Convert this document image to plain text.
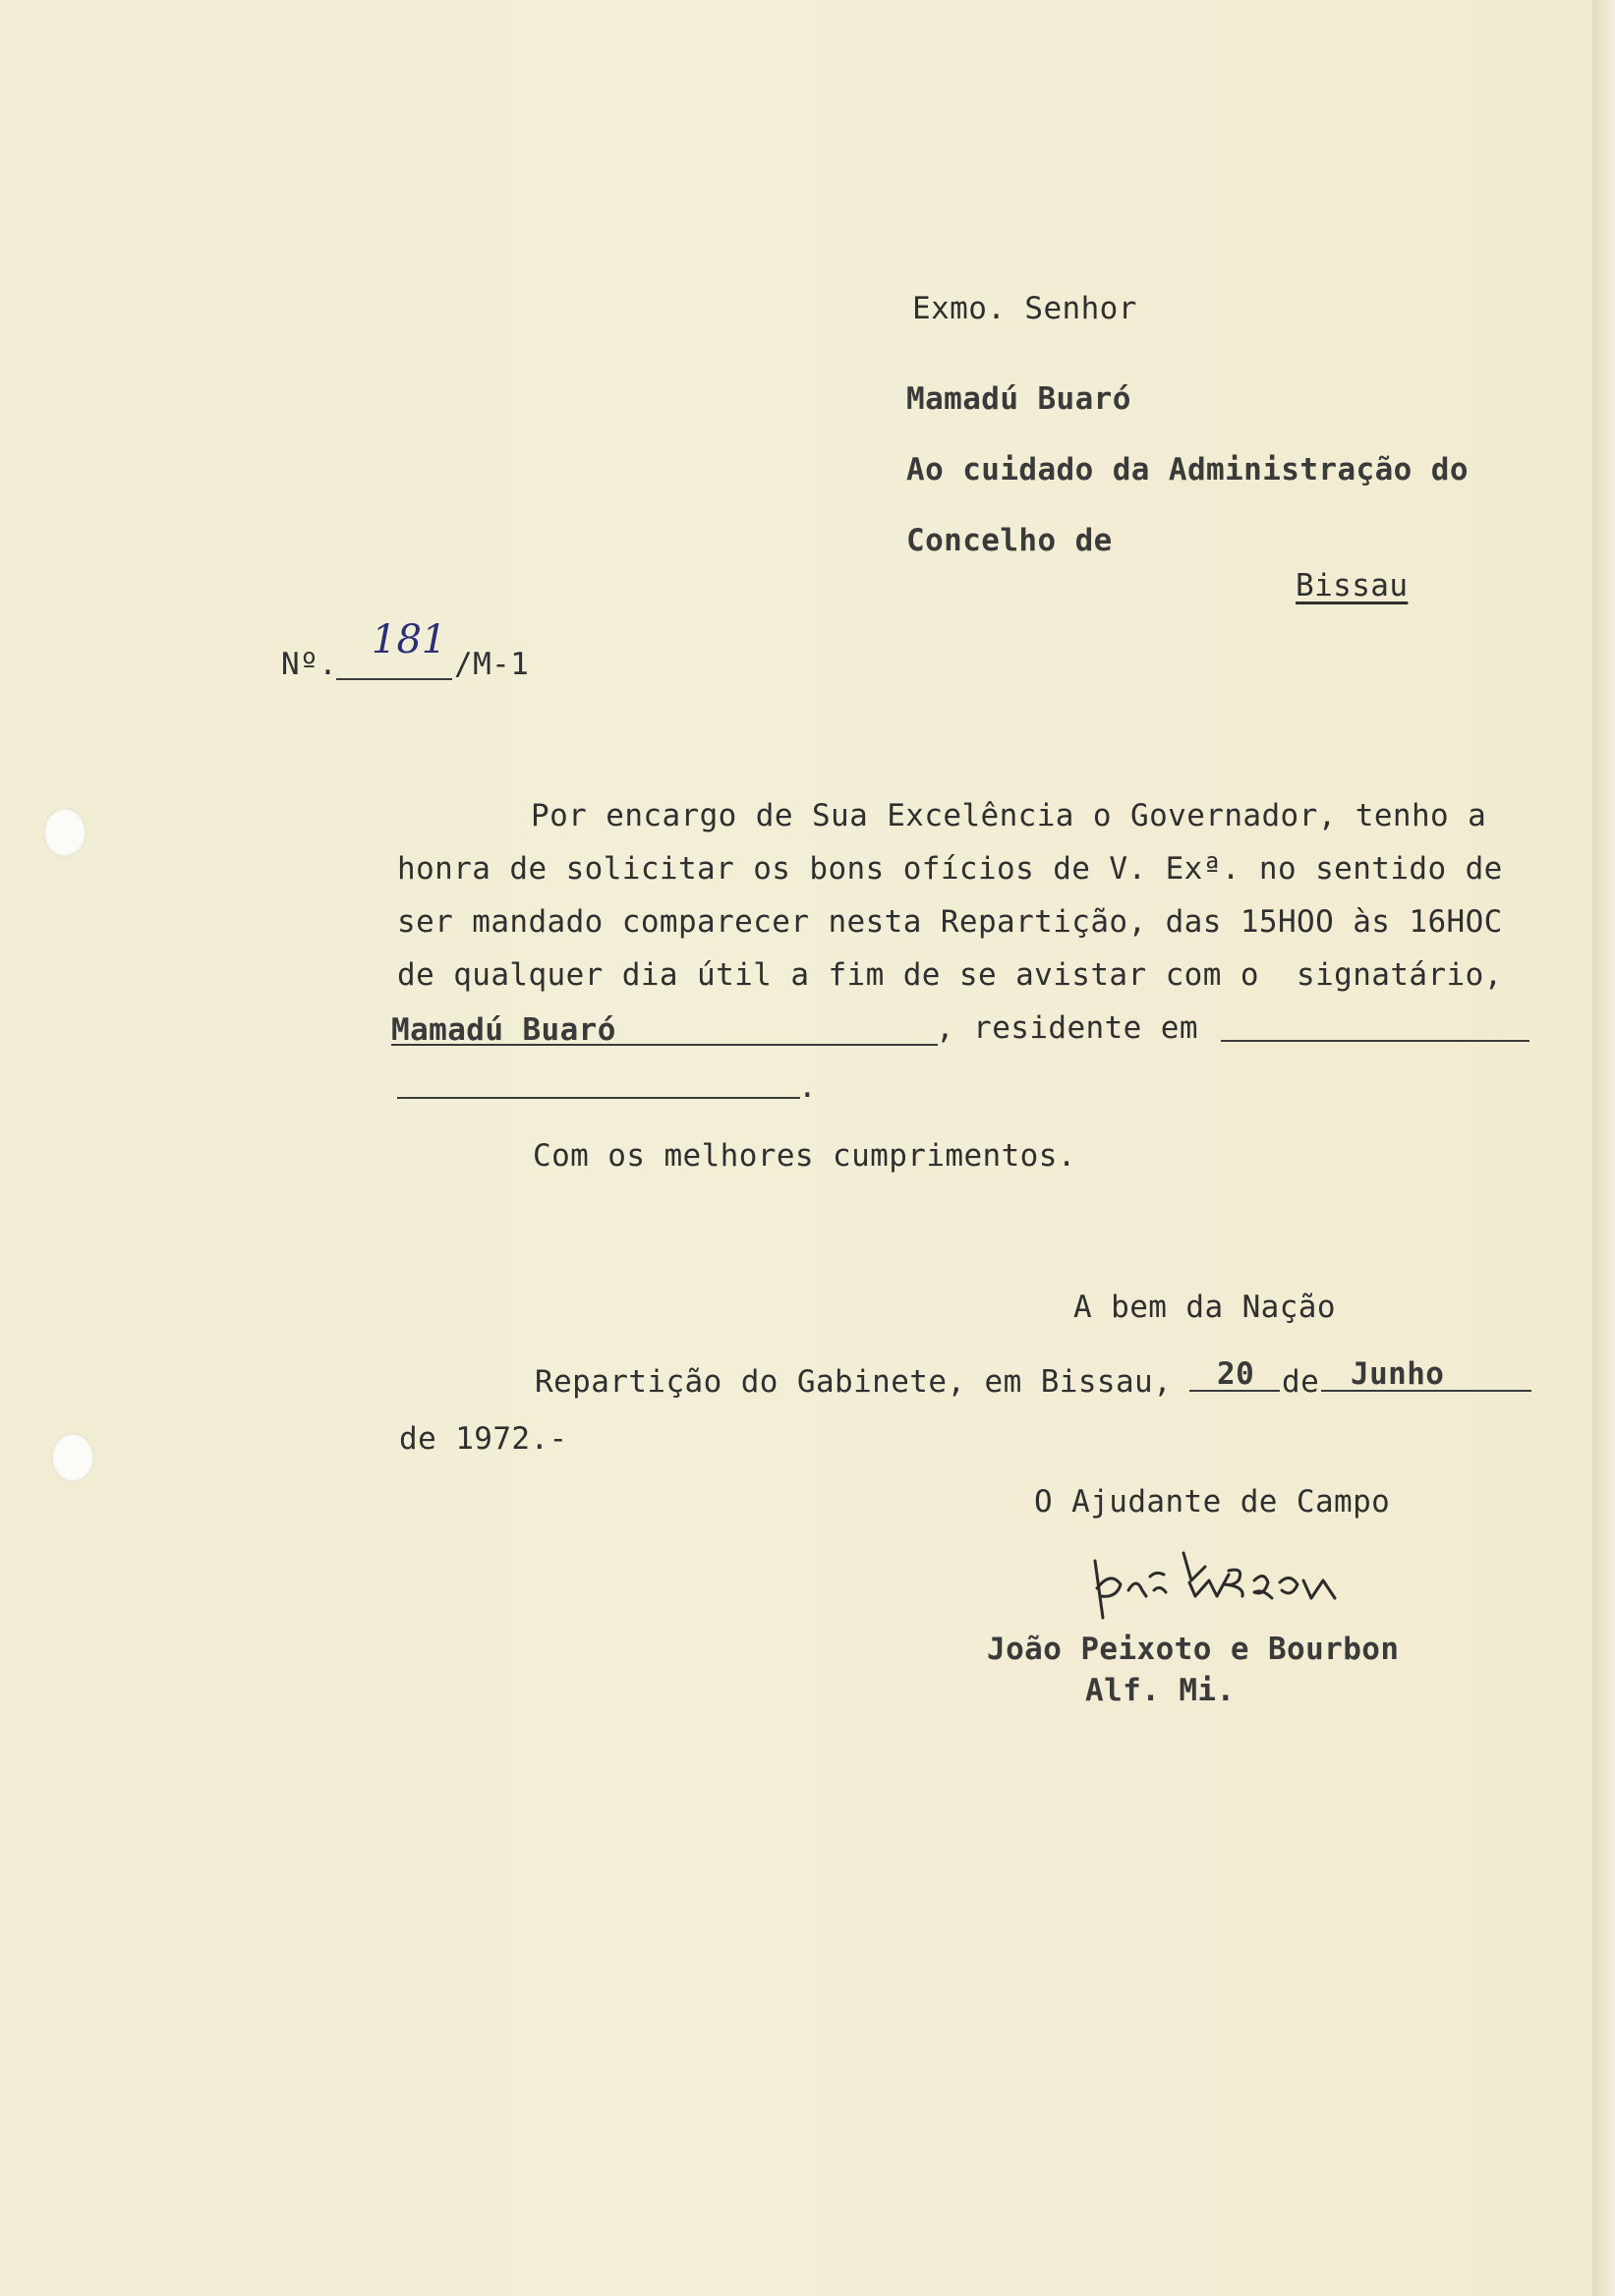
Exmo. Senhor
Mamadú Buaró
Ao cuidado da Administração do
Concelho de
Bissau
Nº.
181
/M-1
Por encargo de Sua Excelência o Governador, tenho a
honra de solicitar os bons ofícios de V. Exª. no sentido de
ser mandado comparecer nesta Repartição, das 15HOO às 16HOC
de qualquer dia útil a fim de se avistar com o  signatário,
Mamadú Buaró	, residente em
.
Com os melhores cumprimentos.
A bem da Nação
Repartição do Gabinete, em Bissau, 20 de Junho
de 1972.-
O Ajudante de Campo
João Peixoto e Bourbon
Alf. Mi.
